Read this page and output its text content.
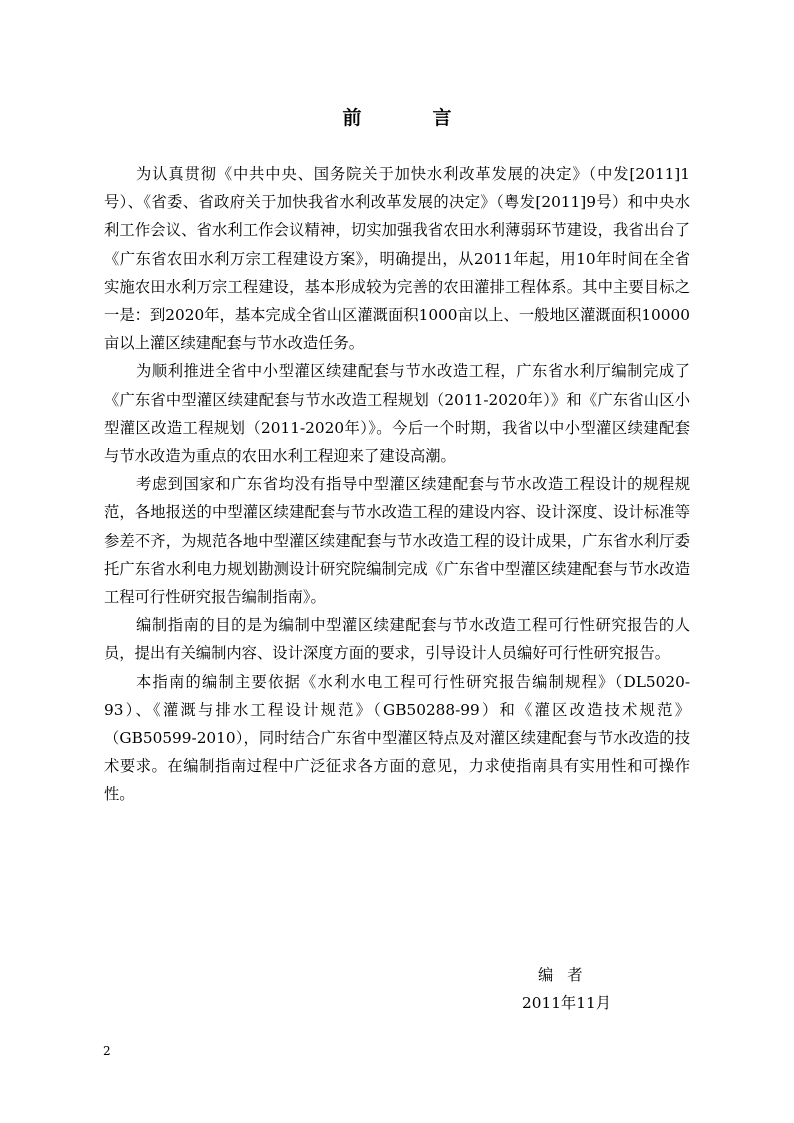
前　言

为认真贯彻《中共中央、国务院关于加快水利改革发展的决定》（中发[2011]1号）、《省委、省政府关于加快我省水利改革发展的决定》（粤发[2011]9号）和中央水利工作会议、省水利工作会议精神，切实加强我省农田水利薄弱环节建设，我省出台了《广东省农田水利万宗工程建设方案》，明确提出，从2011年起，用10年时间在全省实施农田水利万宗工程建设，基本形成较为完善的农田灌排工程体系。其中主要目标之一是：到2020年，基本完成全省山区灌溉面积1000亩以上、一般地区灌溉面积10000亩以上灌区续建配套与节水改造任务。

为顺利推进全省中小型灌区续建配套与节水改造工程，广东省水利厅编制完成了《广东省中型灌区续建配套与节水改造工程规划（2011-2020年）》和《广东省山区小型灌区改造工程规划（2011-2020年）》。今后一个时期，我省以中小型灌区续建配套与节水改造为重点的农田水利工程迎来了建设高潮。

考虑到国家和广东省均没有指导中型灌区续建配套与节水改造工程设计的规程规范，各地报送的中型灌区续建配套与节水改造工程的建设内容、设计深度、设计标准等参差不齐，为规范各地中型灌区续建配套与节水改造工程的设计成果，广东省水利厅委托广东省水利电力规划勘测设计研究院编制完成《广东省中型灌区续建配套与节水改造工程可行性研究报告编制指南》。

编制指南的目的是为编制中型灌区续建配套与节水改造工程可行性研究报告的人员，提出有关编制内容、设计深度方面的要求，引导设计人员编好可行性研究报告。

本指南的编制主要依据《水利水电工程可行性研究报告编制规程》（DL5020-93）、《灌溉与排水工程设计规范》（GB50288-99）和《灌区改造技术规范》（GB50599-2010），同时结合广东省中型灌区特点及对灌区续建配套与节水改造的技术要求。在编制指南过程中广泛征求各方面的意见，力求使指南具有实用性和可操作性。

编者
2011年11月
2
